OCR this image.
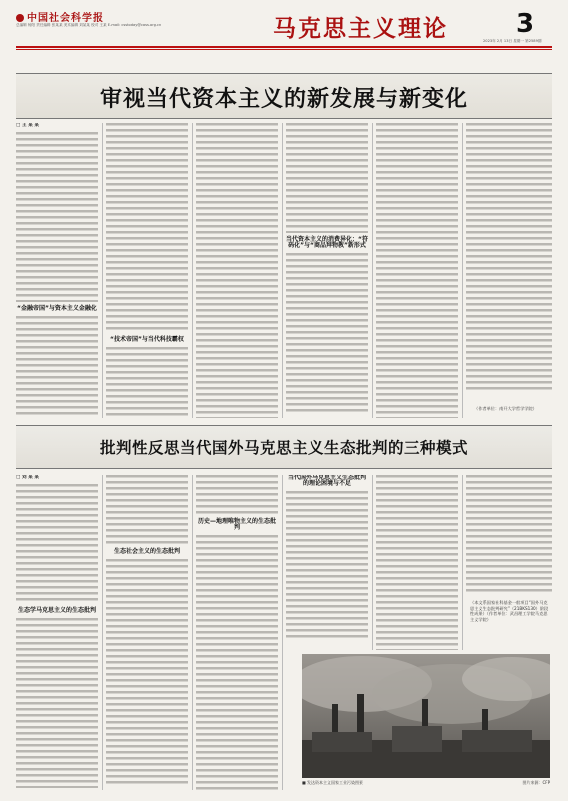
中国社会科学报
总编辑 杨阳 责任编辑 张某某 美术编辑 刘某某 校对 王某 E-mail: csstoday@cass.org.cn	马克思主义理论	3
2023年 2月 13日 星期一 第2589期
审视当代资本主义的新发展与新变化
□ 王 某 某
“金融帝国”与资本主义金融化
“技术帝国”与当代科技霸权
当代资本主义的消费异化：“符码化”与“商品拜物教”新形式
（作者单位：南开大学哲学学院）
批判性反思当代国外马克思主义生态批判的三种模式
□ 刘 某 某
生态学马克思主义的生态批判
生态社会主义的生态批判
历史—地理唯物主义的生态批判
当代国外马克思主义生态批判的理论困境与不足
（本文系国家社科基金一般项目“国外马克思主义生态批判研究”（21BKS130）阶段性成果）（作者单位：武昌理工学院马克思主义学院）
■ 发达资本主义国家工业污染图景	图片来源：CFP
